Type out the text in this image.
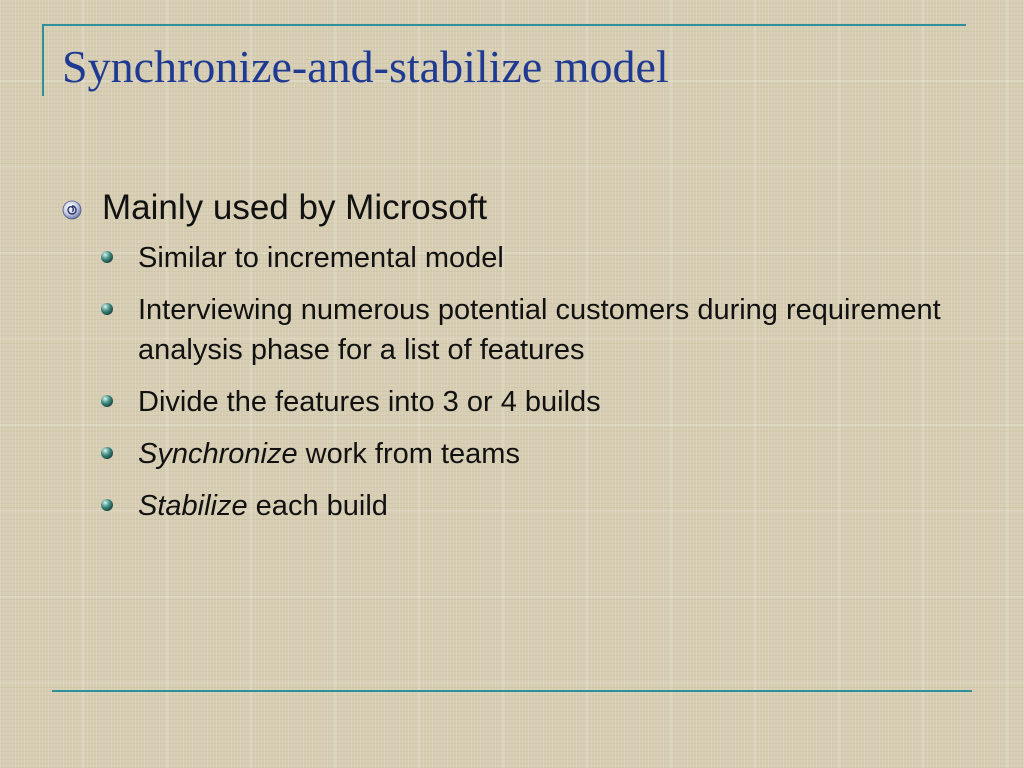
Synchronize-and-stabilize model
Mainly used by Microsoft
Similar to incremental model
Interviewing numerous potential customers during requirement analysis phase for a list of features
Divide the features into 3 or 4 builds
Synchronize work from teams
Stabilize each build
